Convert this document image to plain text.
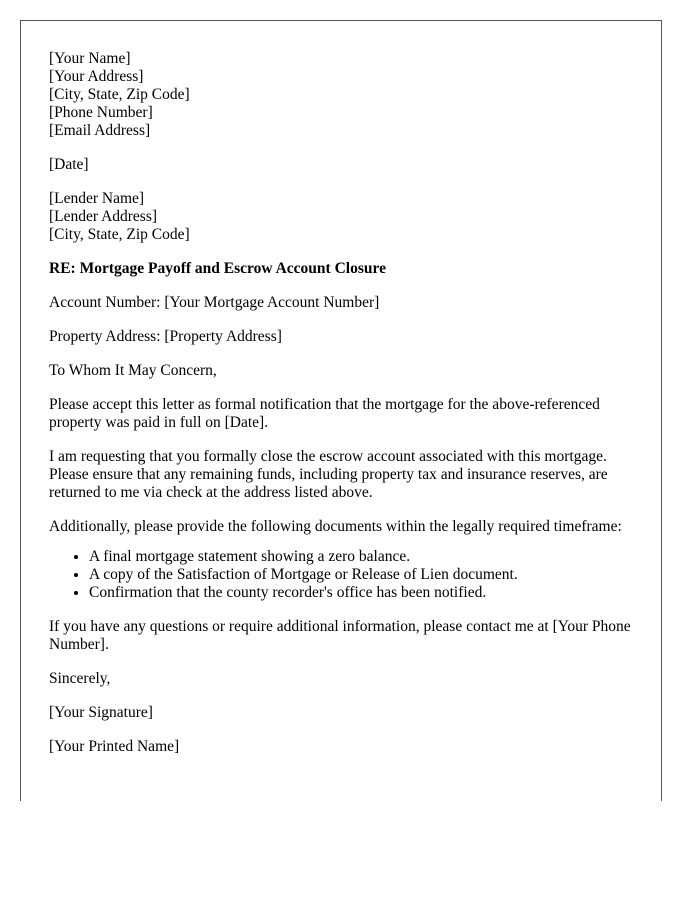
[Your Name]
[Your Address]
[City, State, Zip Code]
[Phone Number]
[Email Address]
[Date]
[Lender Name]
[Lender Address]
[City, State, Zip Code]
RE: Mortgage Payoff and Escrow Account Closure
Account Number: [Your Mortgage Account Number]
Property Address: [Property Address]
To Whom It May Concern,
Please accept this letter as formal notification that the mortgage for the above-referenced property was paid in full on [Date].
I am requesting that you formally close the escrow account associated with this mortgage. Please ensure that any remaining funds, including property tax and insurance reserves, are returned to me via check at the address listed above.
Additionally, please provide the following documents within the legally required timeframe:
• A final mortgage statement showing a zero balance.
• A copy of the Satisfaction of Mortgage or Release of Lien document.
• Confirmation that the county recorder's office has been notified.
If you have any questions or require additional information, please contact me at [Your Phone Number].
Sincerely,
[Your Signature]
[Your Printed Name]
